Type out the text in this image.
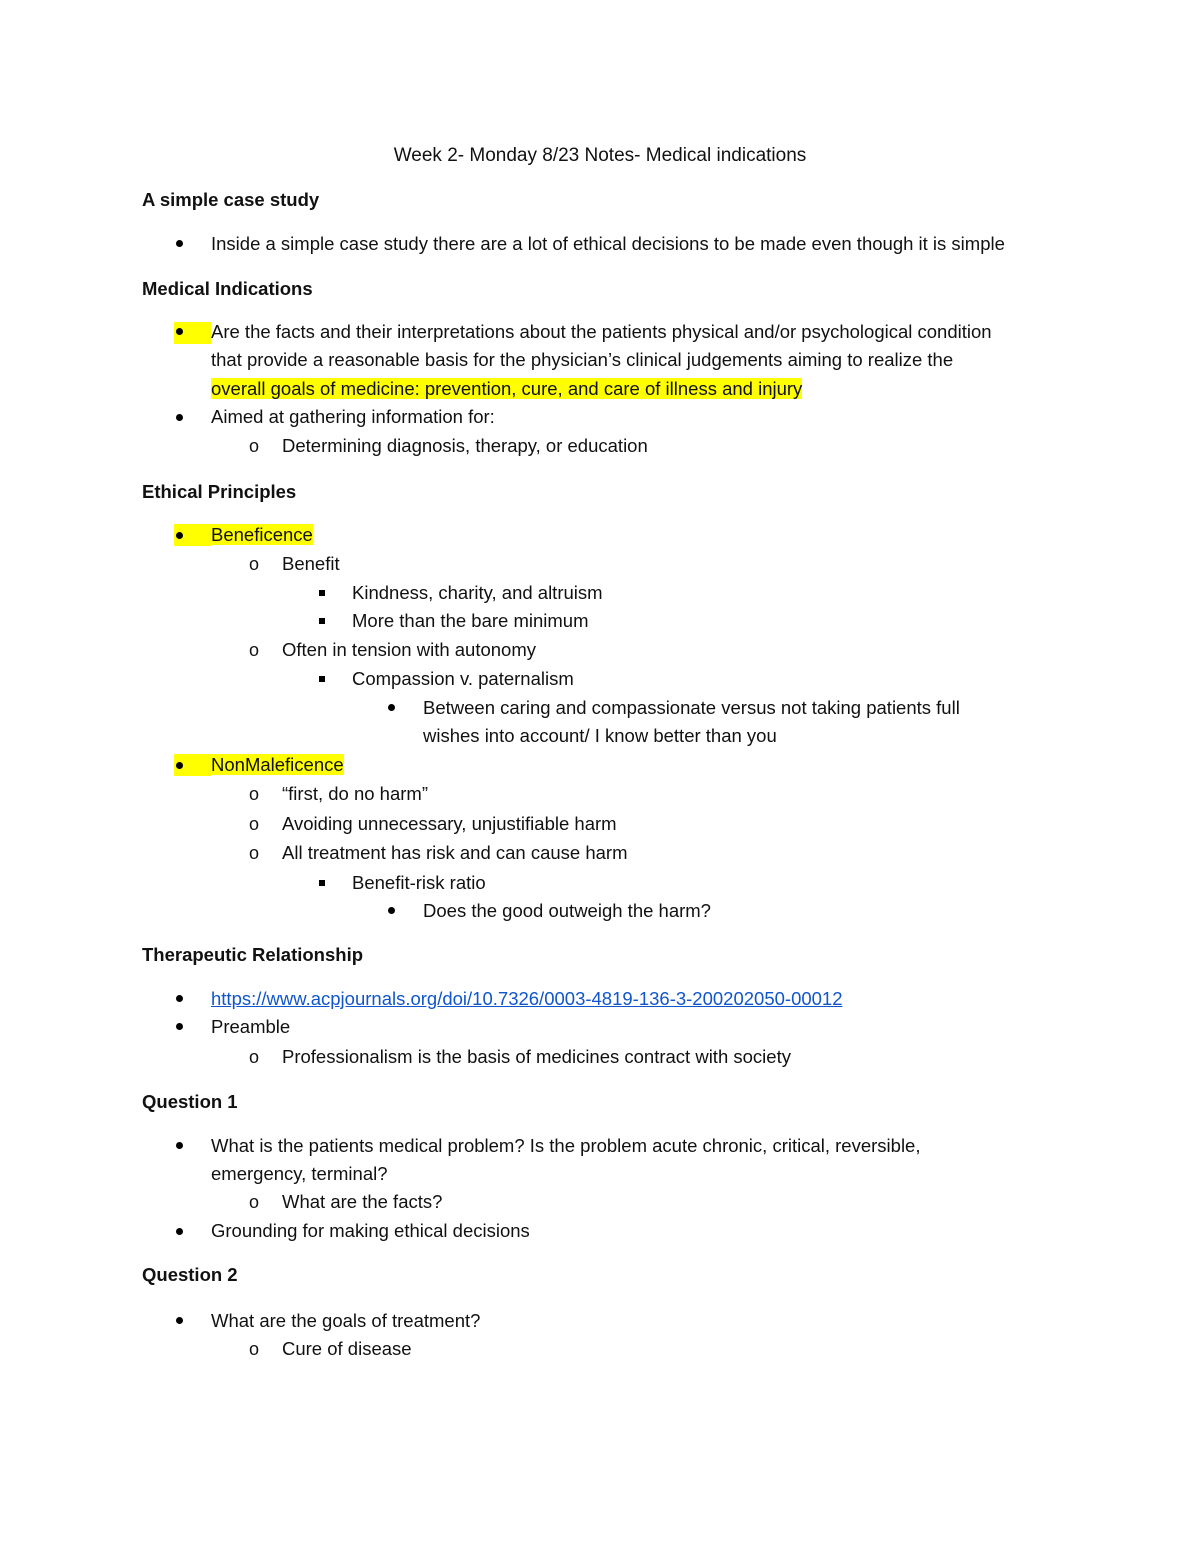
Week 2- Monday 8/23 Notes- Medical indications
A simple case study
Inside a simple case study there are a lot of ethical decisions to be made even though it is simple
Medical Indications
Are the facts and their interpretations about the patients physical and/or psychological condition
that provide a reasonable basis for the physician’s clinical judgements aiming to realize the
overall goals of medicine: prevention, cure, and care of illness and injury
Aimed at gathering information for:
o Determining diagnosis, therapy, or education
Ethical Principles
Beneficence
o Benefit
Kindness, charity, and altruism
More than the bare minimum
o Often in tension with autonomy
Compassion v. paternalism
Between caring and compassionate versus not taking patients full
wishes into account/ I know better than you
NonMaleficence
o “first, do no harm”
o Avoiding unnecessary, unjustifiable harm
o All treatment has risk and can cause harm
Benefit-risk ratio
Does the good outweigh the harm?
Therapeutic Relationship
https://www.acpjournals.org/doi/10.7326/0003-4819-136-3-200202050-00012
Preamble
o Professionalism is the basis of medicines contract with society
Question 1
What is the patients medical problem? Is the problem acute chronic, critical, reversible,
emergency, terminal?
o What are the facts?
Grounding for making ethical decisions
Question 2
What are the goals of treatment?
o Cure of disease
